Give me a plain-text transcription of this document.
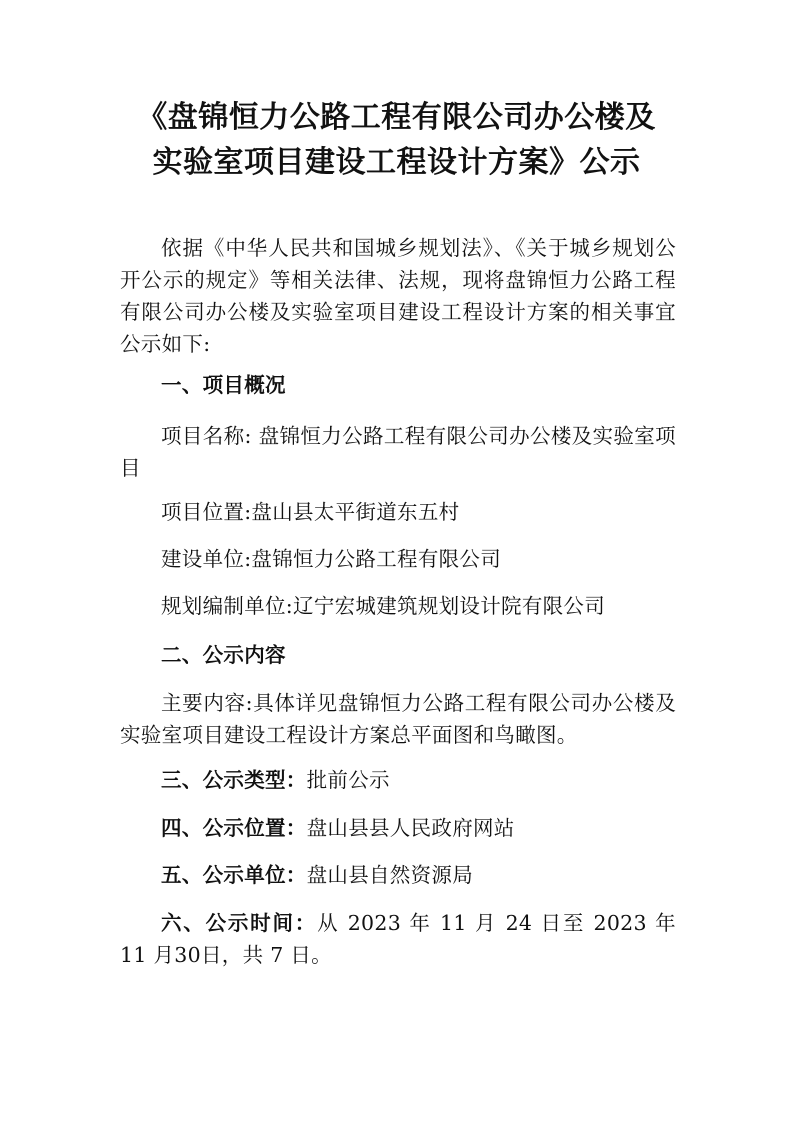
《盘锦恒力公路工程有限公司办公楼及
实验室项目建设工程设计方案》公示
依据《中华人民共和国城乡规划法》、《关于城乡规划公开公示的规定》等相关法律、法规，现将盘锦恒力公路工程有限公司办公楼及实验室项目建设工程设计方案的相关事宜公示如下:
一、项目概况
项目名称: 盘锦恒力公路工程有限公司办公楼及实验室项目
项目位置:盘山县太平街道东五村
建设单位:盘锦恒力公路工程有限公司
规划编制单位:辽宁宏城建筑规划设计院有限公司
二、公示内容
主要内容:具体详见盘锦恒力公路工程有限公司办公楼及实验室项目建设工程设计方案总平面图和鸟瞰图。
三、公示类型：批前公示
四、公示位置：盘山县县人民政府网站
五、公示单位：盘山县自然资源局
六、公示时间：从 2023 年 11 月 24 日至 2023 年 11 月30日，共 7 日。
